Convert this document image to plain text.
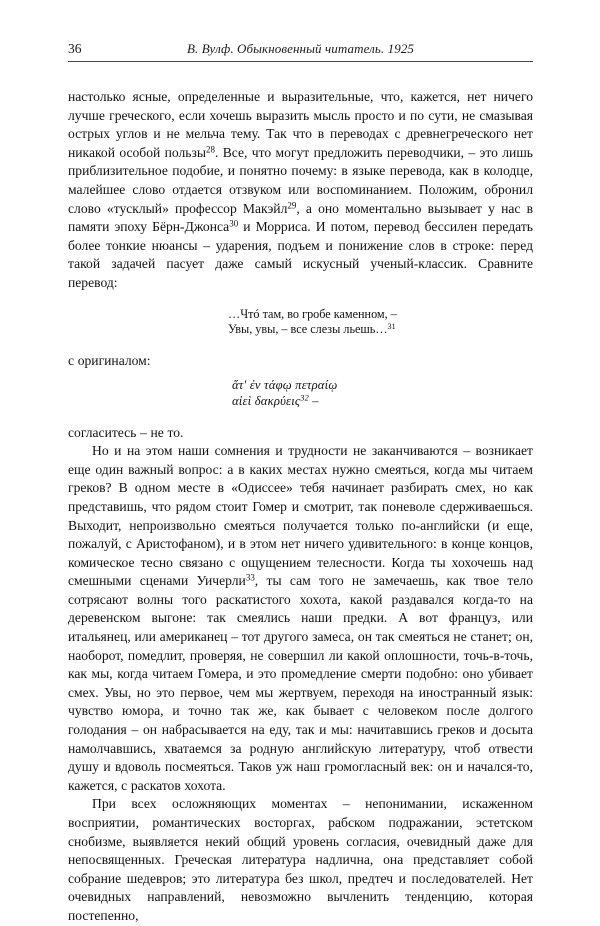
36	В. Вулф. Обыкновенный читатель. 1925

настолько ясные, определенные и выразительные, что, кажется, нет ничего лучше греческого, если хочешь выразить мысль просто и по сути, не смазывая острых углов и не мельча тему. Так что в переводах с древнегреческого нет никакой особой пользы$^{28}$. Все, что могут предложить переводчики, – это лишь приблизительное подобие, и понятно почему: в языке перевода, как в колодце, малейшее слово отдается отзвуком или воспоминанием. Положим, обронил слово «тусклый» профессор Макэйл$^{29}$, а оно моментально вызывает у нас в памяти эпоху Бёрн-Джонса$^{30}$ и Морриса. И потом, перевод бессилен передать более тонкие нюансы – ударения, подъем и понижение слов в строке: перед такой задачей пасует даже самый искусный ученый-классик. Сравните перевод:

…Чтó там, во гробе каменном, –
Увы, увы, – все слезы льешь…$^{31}$

с оригиналом:

ἅτ' ἐν τάφῳ πετραίῳ
αἰεὶ δακρύεις$^{32}$ –

согласитесь – не то.

Но и на этом наши сомнения и трудности не заканчиваются – возникает еще один важный вопрос: а в каких местах нужно смеяться, когда мы читаем греков? В одном месте в «Одиссее» тебя начинает разбирать смех, но как представишь, что рядом стоит Гомер и смотрит, так поневоле сдерживаешься. Выходит, непроизвольно смеяться получается только по-английски (и еще, пожалуй, с Аристофаном), и в этом нет ничего удивительного: в конце концов, комическое тесно связано с ощущением телесности. Когда ты хохочешь над смешными сценами Уичерли$^{33}$, ты сам того не замечаешь, как твое тело сотрясают волны того раскатистого хохота, какой раздавался когда-то на деревенском выгоне: так смеялись наши предки. А вот француз, или итальянец, или американец – тот другого замеса, он так смеяться не станет; он, наоборот, помедлит, проверяя, не совершил ли какой оплошности, точь-в-точь, как мы, когда читаем Гомера, и это промедление смерти подобно: оно убивает смех. Увы, но это первое, чем мы жертвуем, переходя на иностранный язык: чувство юмора, и точно так же, как бывает с человеком после долгого голодания – он набрасывается на еду, так и мы: начитавшись греков и досыта намолчавшись, хватаемся за родную английскую литературу, чтоб отвести душу и вдоволь посмеяться. Таков уж наш громогласный век: он и начался-то, кажется, с раскатов хохота.

При всех осложняющих моментах – непонимании, искаженном восприятии, романтических восторгах, рабском подражании, эстетском снобизме, выявляется некий общий уровень согласия, очевидный даже для непосвященных. Греческая литература надлична, она представляет собой собрание шедевров; это литература без школ, предтеч и последователей. Нет очевидных направлений, невозможно вычленить тенденцию, которая постепенно,
